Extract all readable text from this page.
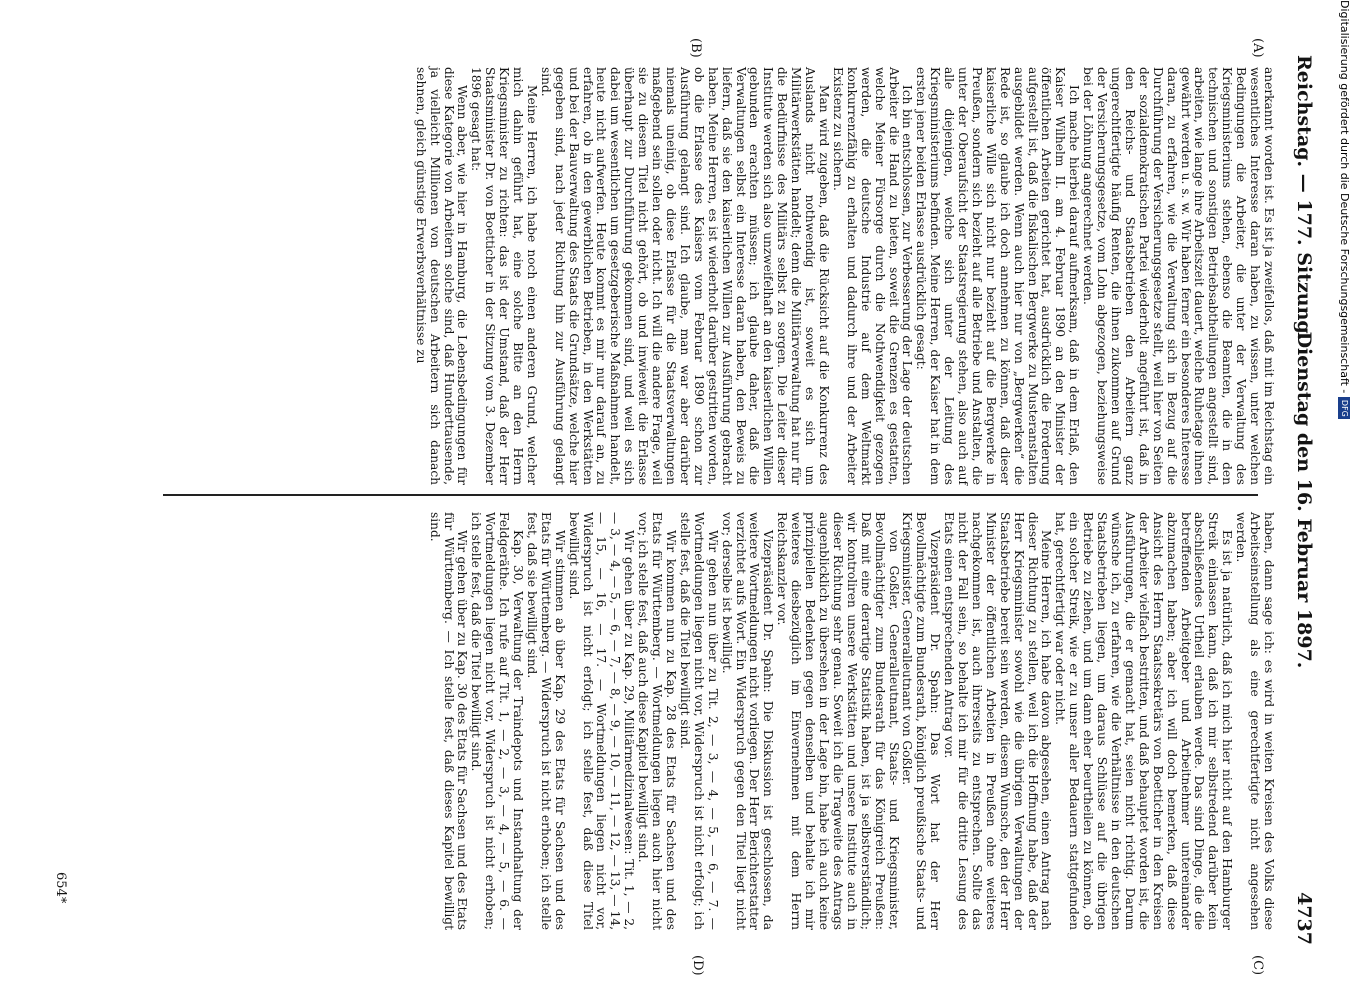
Reichstag. — 177. Sitzung.
Dienstag den 16. Februar 1897.
4737
(A)
(B)
(C)
(D)

anerkannt worden ist. Es ist ja zweifellos, daß mit im Reichstag ein wesentliches Interesse daran haben, zu wissen, unter welchen Bedingungen die Arbeiter, die unter der Verwaltung des Kriegsministeriums stehen, ebenso die Beamten, die in den technischen und sonstigen Betriebsabtheilungen angestellt sind, arbeiten, wie lange ihre Arbeitszeit dauert, welche Ruhetage ihnen gewährt werden u. s. w. Wir haben ferner ein besonderes Interesse daran, zu erfahren, wie die Verwaltung sich in Bezug auf die Durchführung der Versicherungsgesetze stellt, weil hier von Seiten der sozialdemokratischen Partei wiederholt angeführt ist, daß in den Reichs- und Staatsbetrieben den Arbeitern ganz ungerechtfertigte häufig Renten, die ihnen zukommen auf Grund der Versicherungsgesetze, vom Lohn abgezogen, beziehungsweise bei der Löhnung angerechnet werden.

Ich mache hierbei darauf aufmerksam, daß in dem Erlaß, den Kaiser Wilhelm II. am 4. Februar 1890 an den Minister der öffentlichen Arbeiten gerichtet hat, ausdrücklich die Forderung aufgestellt ist, daß die fiskalischen Bergwerke zu Musteranstalten ausgebildet werden. Wenn auch hier nur von „Bergwerken“ die Rede ist, so glaube ich doch annehmen zu können, daß dieser kaiserliche Wille sich nicht nur bezieht auf die Bergwerke in Preußen, sondern sich bezieht auf alle Betriebe und Anstalten, die unter der Oberaufsicht der Staatsregierung stehen, also auch auf alle diejenigen, welche sich unter der Leitung des Kriegsministeriums befinden. Meine Herren, der Kaiser hat in dem ersten jener beiden Erlasse ausdrücklich gesagt:

Ich bin entschlossen, zur Verbesserung der Lage der deutschen Arbeiter die Hand zu bieten, soweit die Grenzen es gestatten, welche Meiner Fürsorge durch die Nothwendigkeit gezogen werden, die deutsche Industrie auf dem Weltmarkt konkurrenzfähig zu erhalten und dadurch ihre und der Arbeiter Existenz zu sichern.

Man wird zugeben, daß die Rücksicht auf die Konkurrenz des Auslands nicht nothwendig ist, soweit es sich um Militärwerkstätten handelt; denn die Militärverwaltung hat nur für die Bedürfnisse des Militärs selbst zu sorgen. Die Leiter dieser Institute werden sich also unzweifelhaft an den kaiserlichen Willen gebunden erachten müssen; ich glaube daher, daß die Verwaltungen selbst ein Interesse daran haben, den Beweis zu liefern, daß sie den kaiserlichen Willen zur Ausführung gebracht haben. Meine Herren, es ist wiederholt darüber gestritten worden, ob die Erlasse des Kaisers vom Februar 1890 schon zur Ausführung gelangt sind. Ich glaube, man war aber darüber niemals uneinig, ob diese Erlasse für die Staatsverwaltungen maßgebend sein sollen oder nicht. Ich will die andere Frage, weil sie zu diesem Titel nicht gehört, ob und inwieweit die Erlasse überhaupt zur Durchführung gekommen sind, und weil es sich dabei um wesentlichen um gesetzgeberische Maßnahmen handelt, heute nicht aufwerfen. Heute kommt es mir nur darauf an, zu erfahren, ob in den gewerblichen Betrieben, in den Werkstätten und bei der Bauverwaltung des Staats die Grundsätze, welche hier gegeben sind, nach jeder Richtung hin zur Ausführung gelangt sind.

Meine Herren, ich habe noch einen anderen Grund, welcher mich dahin geführt hat, eine solche Bitte an den Herrn Kriegsminister zu richten: das ist der Umstand, daß der Herr Staatsminister Dr. von Boetticher in der Sitzung vom 3. Dezember 1896 gesagt hat:

Wenn aber, wie hier in Hamburg, die Lebensbedingungen für diese Kategorie von Arbeitern solche sind, daß Hunderttausende, ja vielleicht Millionen von deutschen Arbeitern sich danach sehnen, gleich günstige Erwerbsverhältnisse zu

haben, dann sage ich: es wird in weiten Kreisen des Volks diese Arbeitseinstellung als eine gerechtfertigte nicht angesehen werden.

Es ist ja natürlich, daß ich mich hier nicht auf den Hamburger Streik einlassen kann, daß ich mir selbstredend darüber kein abschließendes Urtheil erlauben werde. Das sind Dinge, die die betreffenden Arbeitgeber und Arbeitnehmer untereinander abzumachen haben; aber ich will doch bemerken, daß diese Ansicht des Herrn Staatssekretärs von Boetticher in den Kreisen der Arbeiter vielfach bestritten, und daß behauptet worden ist, die Ausführungen, die er gemacht hat, seien nicht richtig. Darum wünsche ich, zu erfahren, wie die Verhältnisse in den deutschen Staatsbetrieben liegen, um daraus Schlüsse auf die übrigen Betriebe zu ziehen, und um dann eher beurtheilen zu können, ob ein solcher Streik, wie er zu unser aller Bedauern stattgefunden hat, gerechtfertigt war oder nicht.

Meine Herren, ich habe davon abgesehen, einen Antrag nach dieser Richtung zu stellen, weil ich die Hoffnung habe, daß der Herr Kriegsminister sowohl wie die übrigen Verwaltungen der Staatsbetriebe bereit sein werden, diesem Wunsche, den der Herr Minister der öffentlichen Arbeiten in Preußen ohne weiteres nachgekommen ist, auch ihrerseits zu entsprechen. Sollte das nicht der Fall sein, so behalte ich mir für die dritte Lesung des Etats einen entsprechenden Antrag vor.

Vizepräsident Dr. Spahn: Das Wort hat der Herr Bevollmächtigte zum Bundesrath, königlich preußische Staats- und Kriegsminister, Generalleutnant von Goßler.

von Goßler, Generalleutnant, Staats- und Kriegsminister, Bevollmächtigter zum Bundesrath für das Königreich Preußen: Daß mit eine derartige Statistik haben, ist ja selbstverständlich; wir kontroliren unsere Werkstätten und unsere Institute auch in dieser Richtung sehr genau. Soweit ich die Tragweite des Antrags augenblicklich zu übersehen in der Lage bin, habe ich auch keine prinzipiellen Bedenken gegen denselben und behalte ich mir weiteres diesbezüglich im Einvernehmen mit dem Herrn Reichskanzler vor.

Vizepräsident Dr. Spahn: Die Diskussion ist geschlossen, da weitere Wortmeldungen nicht vorliegen. Der Herr Berichterstatter verzichtet aufs Wort. Ein Widerspruch gegen den Titel liegt nicht vor; derselbe ist bewilligt.

Wir gehen nun über zu Tit. 2, — 3, — 4, — 5, — 6, — 7. — Wortmeldungen liegen nicht vor, Widerspruch ist nicht erfolgt; ich stelle fest, daß die Titel bewilligt sind.

Wir kommen nun zu Kap. 28 des Etats für Sachsen und des Etats für Württemberg. — Wortmeldungen liegen auch hier nicht vor; ich stelle fest, daß auch diese Kapitel bewilligt sind.

Wir gehen über zu Kap. 29, Militärmedizinalwesen: Tit. 1, — 2, — 3, — 4, — 5, — 6, — 7, — 8, — 9, — 10, — 11, — 12, — 13, — 14, — 15, — 16, — 17. — Wortmeldungen liegen nicht vor, Widerspruch ist nicht erfolgt; ich stelle fest, daß diese Titel bewilligt sind.

Wir stimmen ab über Kap. 29 des Etats für Sachsen und des Etats für Württemberg. — Widerspruch ist nicht erhoben; ich stelle fest, daß sie bewilligt sind.

Kap. 30, Verwaltung der Traindepots und Instandhaltung der Feldgeräthe. Ich rufe auf Tit. 1, — 2, — 3, — 4, — 5, — 6. — Wortmeldungen liegen nicht vor, Widerspruch ist nicht erhoben; ich stelle fest, daß die Titel bewilligt sind.

Wir gehen über zu Kap. 30 des Etats für Sachsen und des Etats für Württemberg. — Ich stelle fest, daß dieses Kapitel bewilligt sind.

654*
Digitalisierung gefördert durch die Deutsche Forschungsgemeinschaft -DFG
